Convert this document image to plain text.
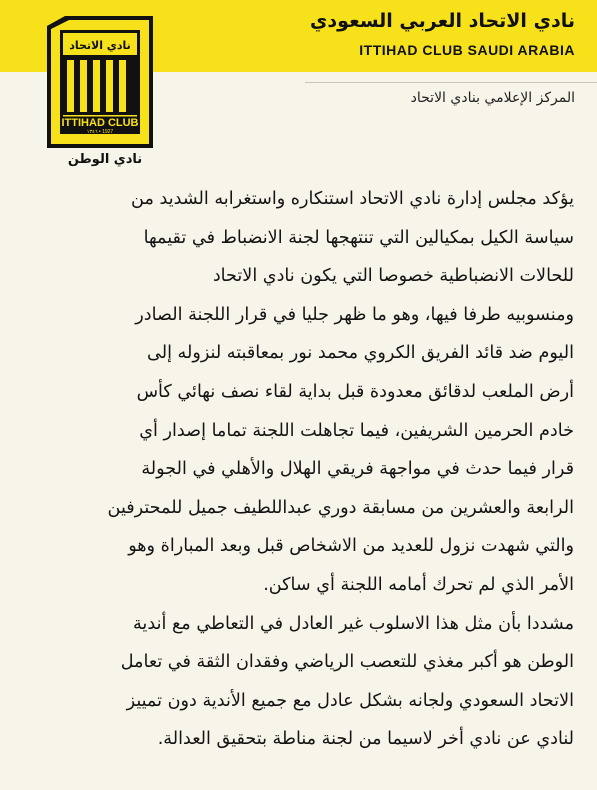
نادي الاتحاد العربي السعودي
ITTIHAD CLUB SAUDI ARABIA
المركز الإعلامي بنادي الاتحاد
نادي الاتحاد
ITTIHAD CLUB
١٣٤٦ • 1927
نادي الوطن
يؤكد مجلس إدارة نادي الاتحاد استنكاره واستغرابه الشديد من
سياسة الكيل بمكيالين التي تنتهجها لجنة الانضباط في تقيمها
للحالات الانضباطية خصوصا التي يكون نادي الاتحاد
ومنسوبيه طرفا فيها، وهو ما ظهر جليا في قرار اللجنة الصادر
اليوم ضد قائد الفريق الكروي محمد نور بمعاقبته لنزوله إلى
أرض الملعب لدقائق معدودة قبل بداية لقاء نصف نهائي كأس
خادم الحرمين الشريفين، فيما تجاهلت اللجنة تماما إصدار أي
قرار فيما حدث في مواجهة فريقي الهلال والأهلي في الجولة
الرابعة والعشرين من مسابقة دوري عبداللطيف جميل للمحترفين
والتي شهدت نزول للعديد من الاشخاص قبل وبعد المباراة وهو
الأمر الذي لم تحرك أمامه اللجنة أي ساكن.
مشددا بأن مثل هذا الاسلوب غير العادل في التعاطي مع أندية
الوطن هو أكبر مغذي للتعصب الرياضي وفقدان الثقة في تعامل
الاتحاد السعودي ولجانه بشكل عادل مع جميع الأندية دون تمييز
لنادي عن نادي أخر لاسيما من لجنة مناطة بتحقيق العدالة.
